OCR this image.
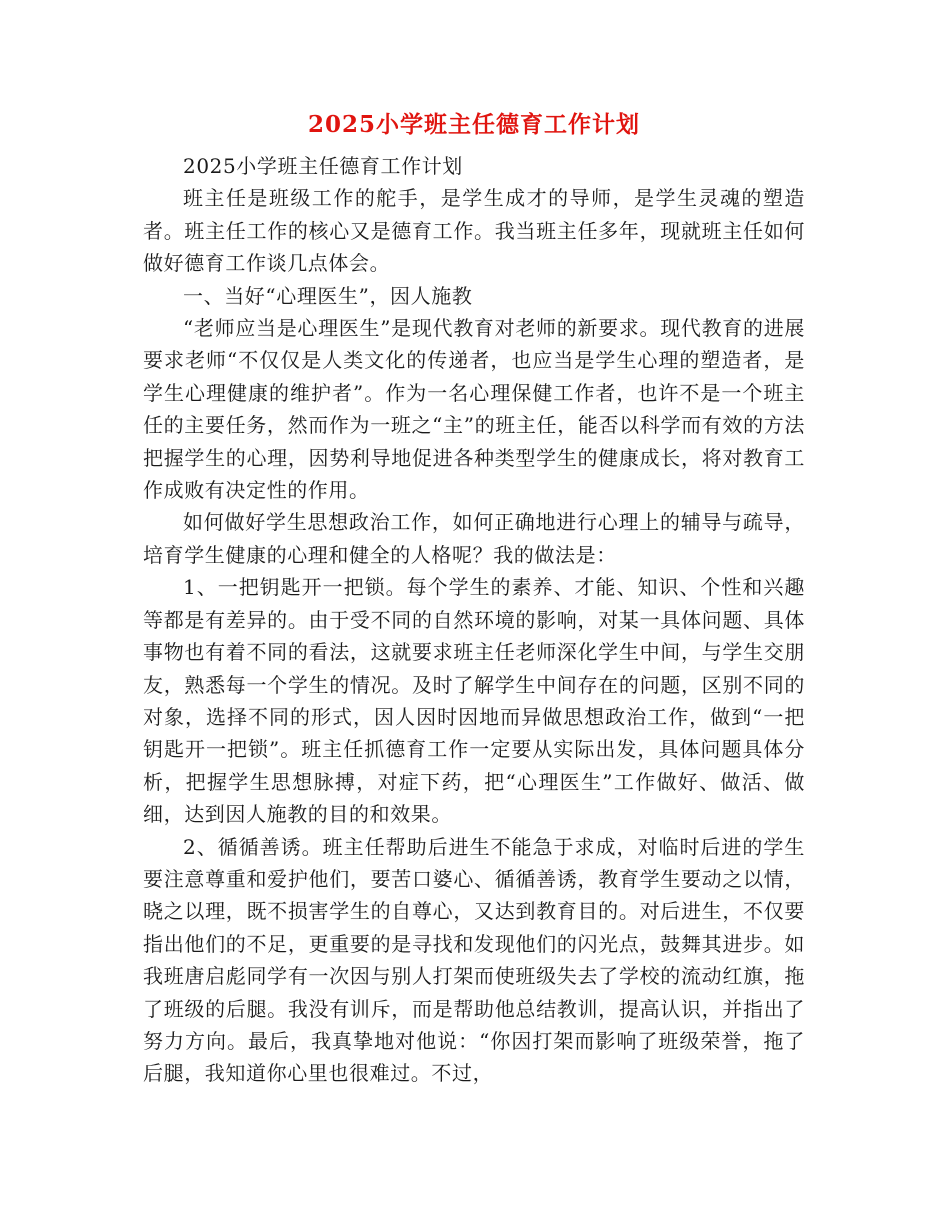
2025小学班主任德育工作计划

2025小学班主任德育工作计划

班主任是班级工作的舵手，是学生成才的导师，是学生灵魂的塑造者。班主任工作的核心又是德育工作。我当班主任多年，现就班主任如何做好德育工作谈几点体会。

一、当好“心理医生”，因人施教

“老师应当是心理医生”是现代教育对老师的新要求。现代教育的进展要求老师“不仅仅是人类文化的传递者，也应当是学生心理的塑造者，是学生心理健康的维护者”。作为一名心理保健工作者，也许不是一个班主任的主要任务，然而作为一班之“主”的班主任，能否以科学而有效的方法把握学生的心理，因势利导地促进各种类型学生的健康成长，将对教育工作成败有决定性的作用。

如何做好学生思想政治工作，如何正确地进行心理上的辅导与疏导，培育学生健康的心理和健全的人格呢？我的做法是：

1、一把钥匙开一把锁。每个学生的素养、才能、知识、个性和兴趣等都是有差异的。由于受不同的自然环境的影响，对某一具体问题、具体事物也有着不同的看法，这就要求班主任老师深化学生中间，与学生交朋友，熟悉每一个学生的情况。及时了解学生中间存在的问题，区别不同的对象，选择不同的形式，因人因时因地而异做思想政治工作，做到“一把钥匙开一把锁”。班主任抓德育工作一定要从实际出发，具体问题具体分析，把握学生思想脉搏，对症下药，把“心理医生”工作做好、做活、做细，达到因人施教的目的和效果。

2、循循善诱。班主任帮助后进生不能急于求成，对临时后进的学生要注意尊重和爱护他们，要苦口婆心、循循善诱，教育学生要动之以情，晓之以理，既不损害学生的自尊心，又达到教育目的。对后进生，不仅要指出他们的不足，更重要的是寻找和发现他们的闪光点，鼓舞其进步。如我班唐启彪同学有一次因与别人打架而使班级失去了学校的流动红旗，拖了班级的后腿。我没有训斥，而是帮助他总结教训，提高认识，并指出了努力方向。最后，我真挚地对他说：“你因打架而影响了班级荣誉，拖了后腿，我知道你心里也很难过。不过，
